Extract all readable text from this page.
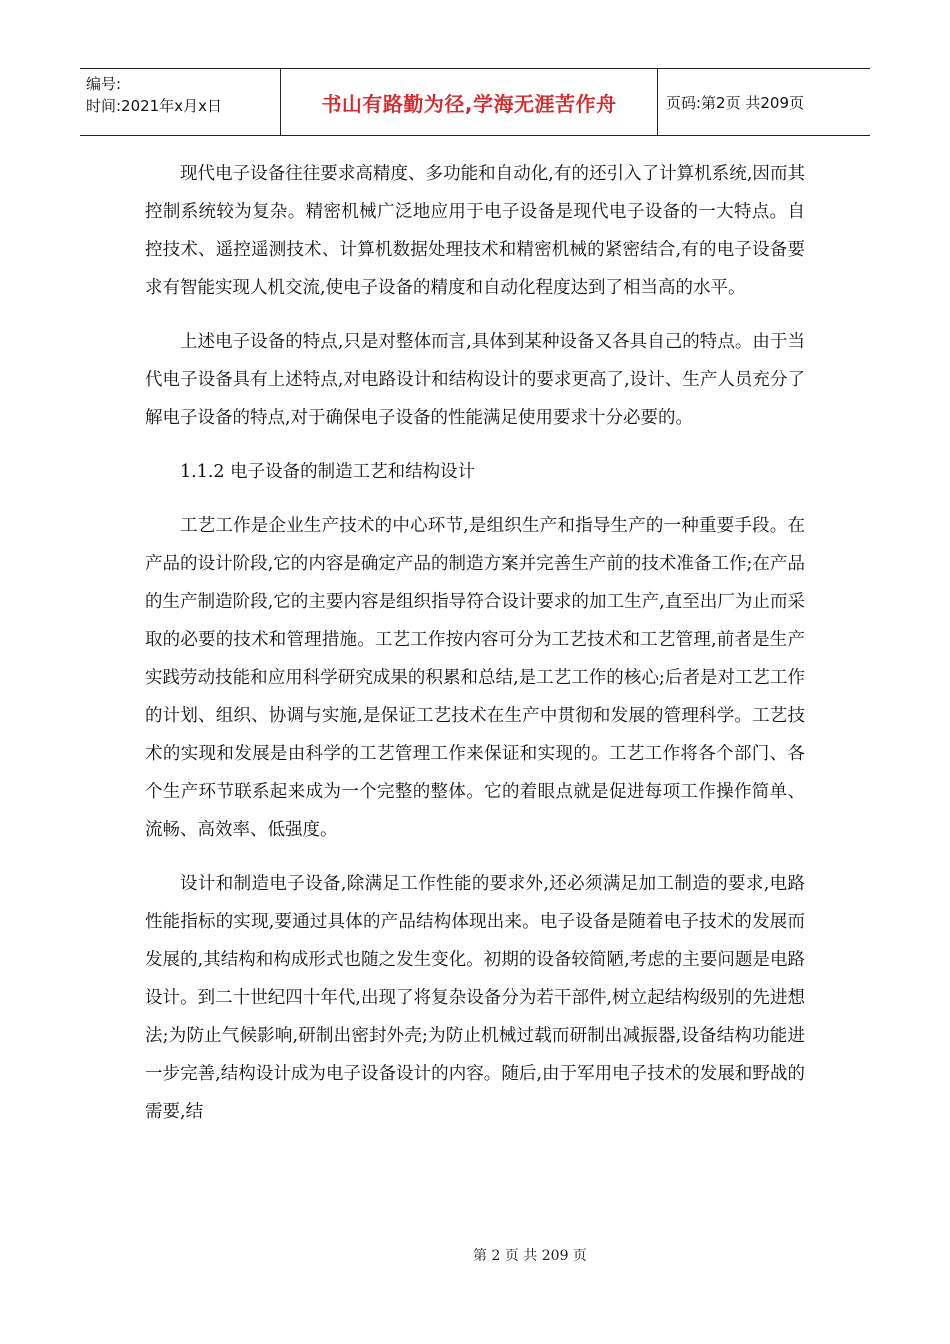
编号:
时间:2021年x月x日	书山有路勤为径,学海无涯苦作舟	页码:第2页 共209页

现代电子设备往往要求高精度、多功能和自动化,有的还引入了计算机系统,因而其控制系统较为复杂。精密机械广泛地应用于电子设备是现代电子设备的一大特点。自控技术、遥控遥测技术、计算机数据处理技术和精密机械的紧密结合,有的电子设备要求有智能实现人机交流,使电子设备的精度和自动化程度达到了相当高的水平。

上述电子设备的特点,只是对整体而言,具体到某种设备又各具自己的特点。由于当代电子设备具有上述特点,对电路设计和结构设计的要求更高了,设计、生产人员充分了解电子设备的特点,对于确保电子设备的性能满足使用要求十分必要的。

1.1.2 电子设备的制造工艺和结构设计

工艺工作是企业生产技术的中心环节,是组织生产和指导生产的一种重要手段。在产品的设计阶段,它的内容是确定产品的制造方案并完善生产前的技术准备工作;在产品的生产制造阶段,它的主要内容是组织指导符合设计要求的加工生产,直至出厂为止而采取的必要的技术和管理措施。工艺工作按内容可分为工艺技术和工艺管理,前者是生产实践劳动技能和应用科学研究成果的积累和总结,是工艺工作的核心;后者是对工艺工作的计划、组织、协调与实施,是保证工艺技术在生产中贯彻和发展的管理科学。工艺技术的实现和发展是由科学的工艺管理工作来保证和实现的。工艺工作将各个部门、各个生产环节联系起来成为一个完整的整体。它的着眼点就是促进每项工作操作简单、流畅、高效率、低强度。

设计和制造电子设备,除满足工作性能的要求外,还必须满足加工制造的要求,电路性能指标的实现,要通过具体的产品结构体现出来。电子设备是随着电子技术的发展而发展的,其结构和构成形式也随之发生变化。初期的设备较简陋,考虑的主要问题是电路设计。到二十世纪四十年代,出现了将复杂设备分为若干部件,树立起结构级别的先进想法;为防止气候影响,研制出密封外壳;为防止机械过载而研制出减振器,设备结构功能进一步完善,结构设计成为电子设备设计的内容。随后,由于军用电子技术的发展和野战的需要,结

第 2 页 共 209 页
